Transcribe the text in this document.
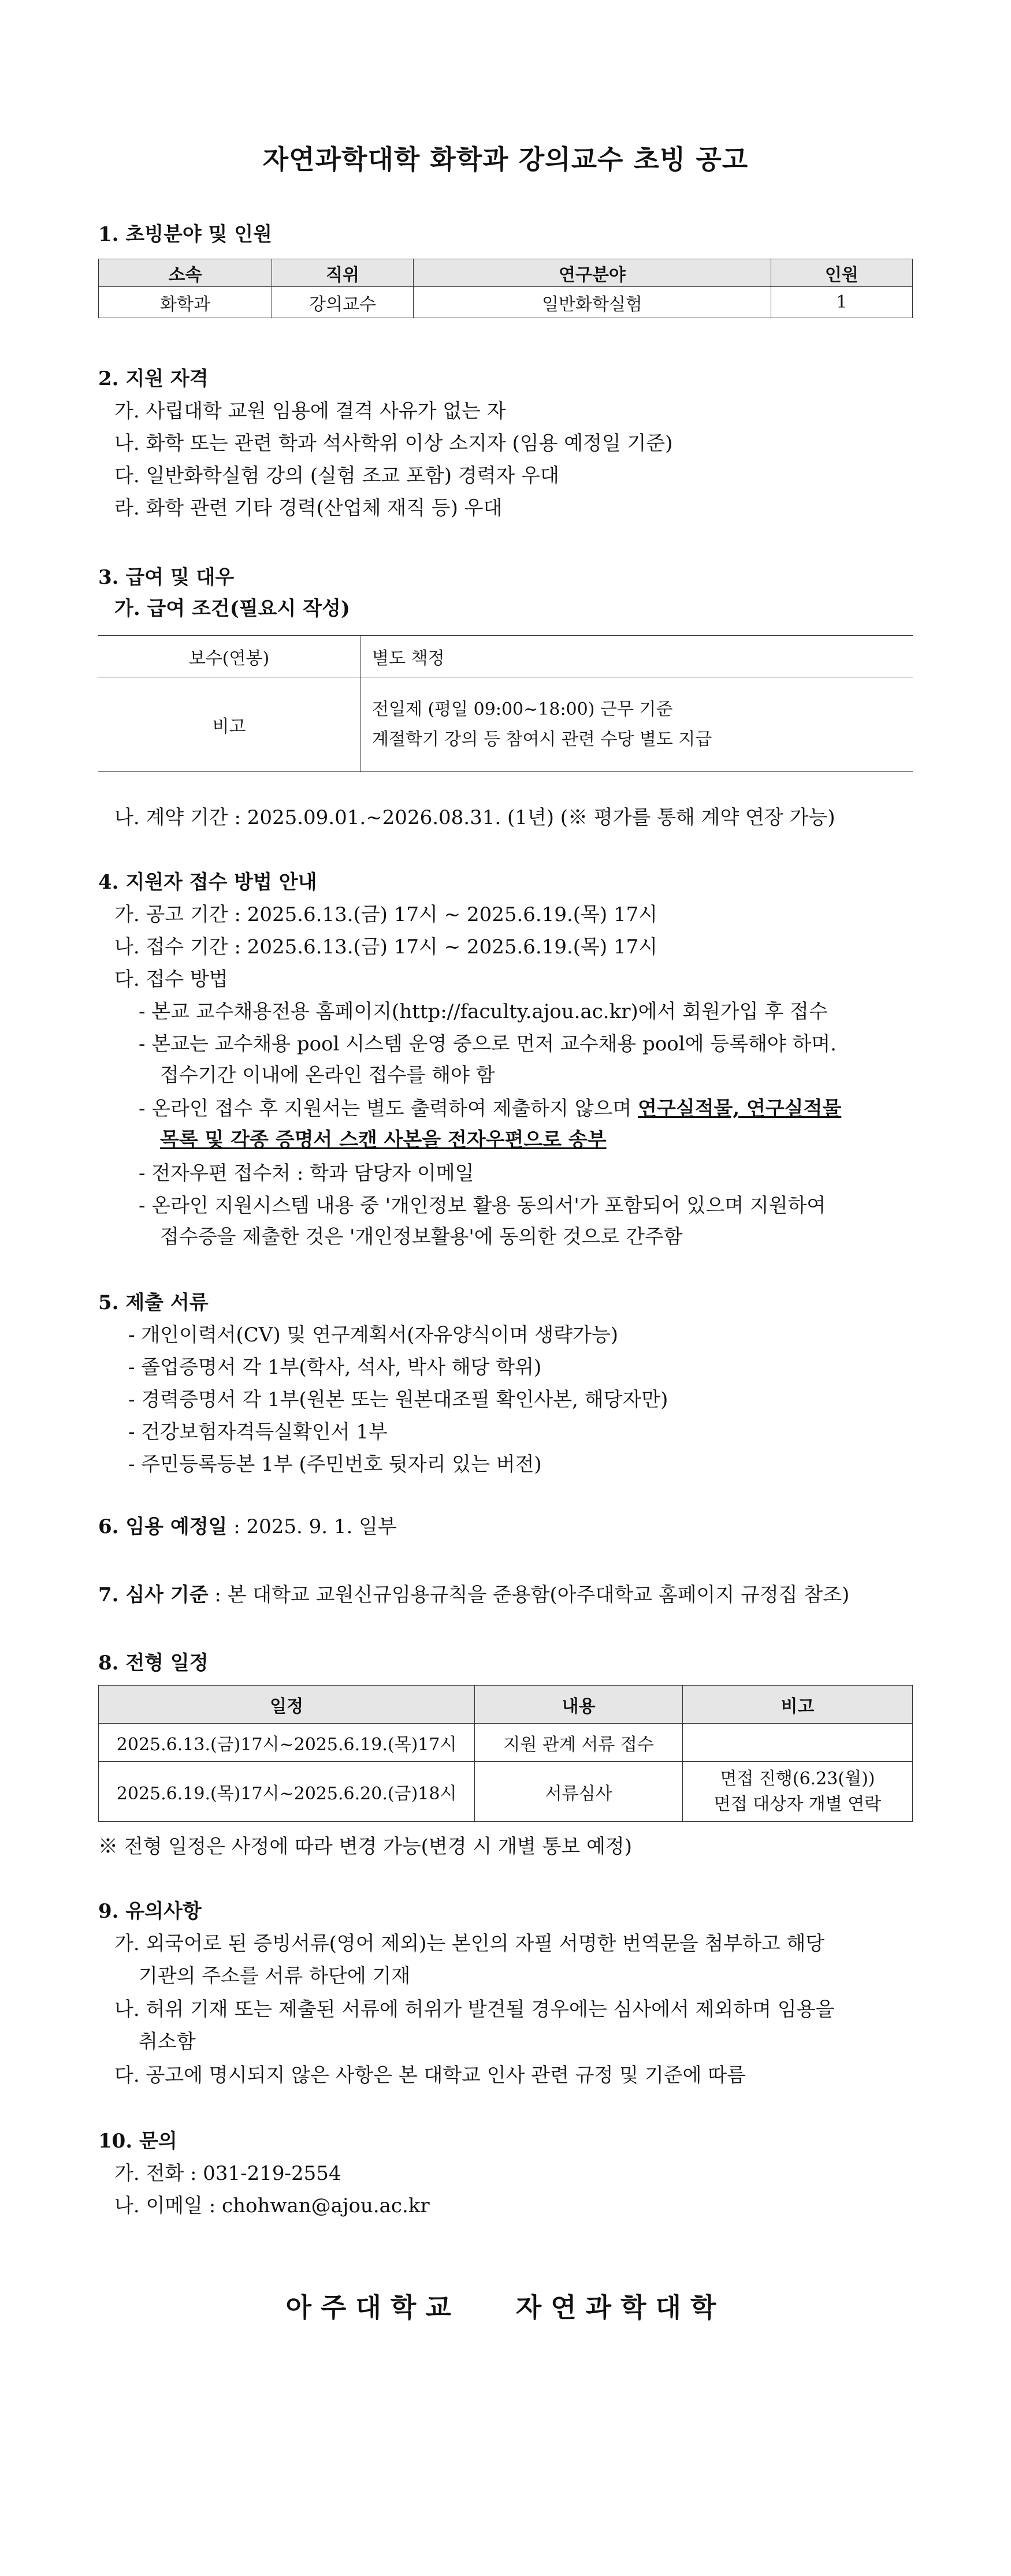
자연과학대학 화학과 강의교수 초빙 공고
1. 초빙분야 및 인원
소속	직위	연구분야	인원
화학과	강의교수	일반화학실험	1
2. 지원 자격
가. 사립대학 교원 임용에 결격 사유가 없는 자
나. 화학 또는 관련 학과 석사학위 이상 소지자 (임용 예정일 기준)
다. 일반화학실험 강의 (실험 조교 포함) 경력자 우대
라. 화학 관련 기타 경력(산업체 재직 등) 우대
3. 급여 및 대우
가. 급여 조건(필요시 작성)
보수(연봉)	별도 책정
비고	전일제 (평일 09:00~18:00) 근무 기준
계절학기 강의 등 참여시 관련 수당 별도 지급
나. 계약 기간 : 2025.09.01.~2026.08.31. (1년) (※ 평가를 통해 계약 연장 가능)
4. 지원자 접수 방법 안내
가. 공고 기간 : 2025.6.13.(금) 17시 ~ 2025.6.19.(목) 17시
나. 접수 기간 : 2025.6.13.(금) 17시 ~ 2025.6.19.(목) 17시
다. 접수 방법
- 본교 교수채용전용 홈페이지(http://faculty.ajou.ac.kr)에서 회원가입 후 접수
- 본교는 교수채용 pool 시스템 운영 중으로 먼저 교수채용 pool에 등록해야 하며.
접수기간 이내에 온라인 접수를 해야 함
- 온라인 접수 후 지원서는 별도 출력하여 제출하지 않으며 연구실적물, 연구실적물
목록 및 각종 증명서 스캔 사본을 전자우편으로 송부
- 전자우편 접수처 : 학과 담당자 이메일
- 온라인 지원시스템 내용 중 '개인정보 활용 동의서'가 포함되어 있으며 지원하여
접수증을 제출한 것은 '개인정보활용'에 동의한 것으로 간주함
5. 제출 서류
- 개인이력서(CV) 및 연구계획서(자유양식이며 생략가능)
- 졸업증명서 각 1부(학사, 석사, 박사 해당 학위)
- 경력증명서 각 1부(원본 또는 원본대조필 확인사본, 해당자만)
- 건강보험자격득실확인서 1부
- 주민등록등본 1부 (주민번호 뒷자리 있는 버전)
6. 임용 예정일 : 2025. 9. 1. 일부
7. 심사 기준 : 본 대학교 교원신규임용규칙을 준용함(아주대학교 홈페이지 규정집 참조)
8. 전형 일정
일정	내용	비고
2025.6.13.(금)17시~2025.6.19.(목)17시	지원 관계 서류 접수	
2025.6.19.(목)17시~2025.6.20.(금)18시	서류심사	면접 진행(6.23(월))
면접 대상자 개별 연락
※ 전형 일정은 사정에 따라 변경 가능(변경 시 개별 통보 예정)
9. 유의사항
가. 외국어로 된 증빙서류(영어 제외)는 본인의 자필 서명한 번역문을 첨부하고 해당
기관의 주소를 서류 하단에 기재
나. 허위 기재 또는 제출된 서류에 허위가 발견될 경우에는 심사에서 제외하며 임용을
취소함
다. 공고에 명시되지 않은 사항은 본 대학교 인사 관련 규정 및 기준에 따름
10. 문의
가. 전화 : 031-219-2554
나. 이메일 : chohwan@ajou.ac.kr
아주대학교   자연과학대학
